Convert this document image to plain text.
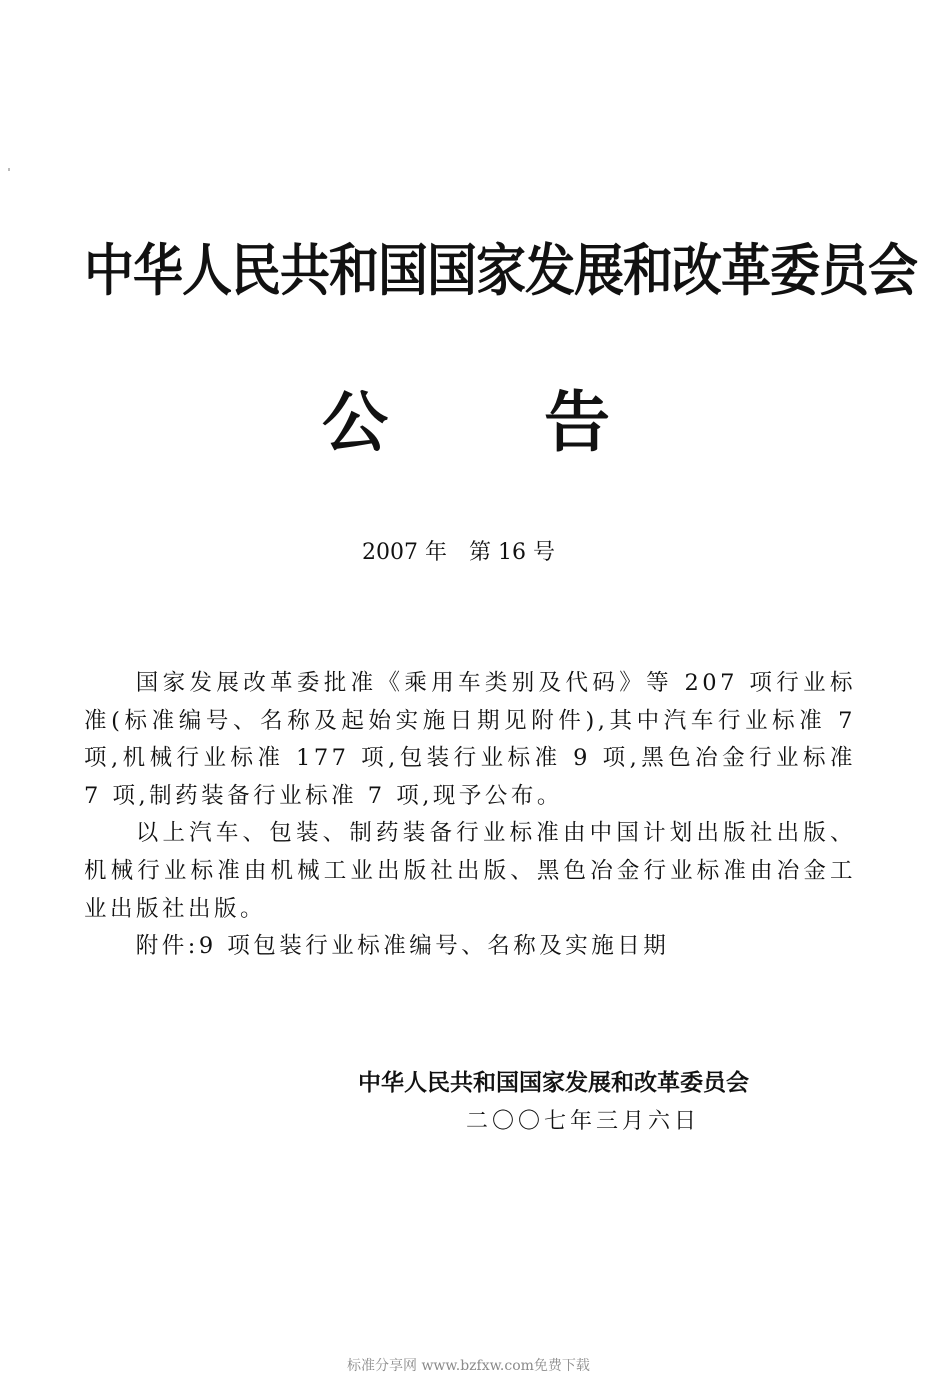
中华人民共和国国家发展和改革委员会
公 告
2007 年 第 16 号

国家发展改革委批准《乘用车类别及代码》等 207 项行业标准(标准编号、名称及起始实施日期见附件),其中汽车行业标准 7 项,机械行业标准 177 项,包装行业标准 9 项,黑色冶金行业标准 7 项,制药装备行业标准 7 项,现予公布。

以上汽车、包装、制药装备行业标准由中国计划出版社出版、机械行业标准由机械工业出版社出版、黑色冶金行业标准由冶金工业出版社出版。

附件:9 项包装行业标准编号、名称及实施日期

中华人民共和国国家发展和改革委员会
二〇〇七年三月六日
标准分享网 www.bzfxw.com免费下载
